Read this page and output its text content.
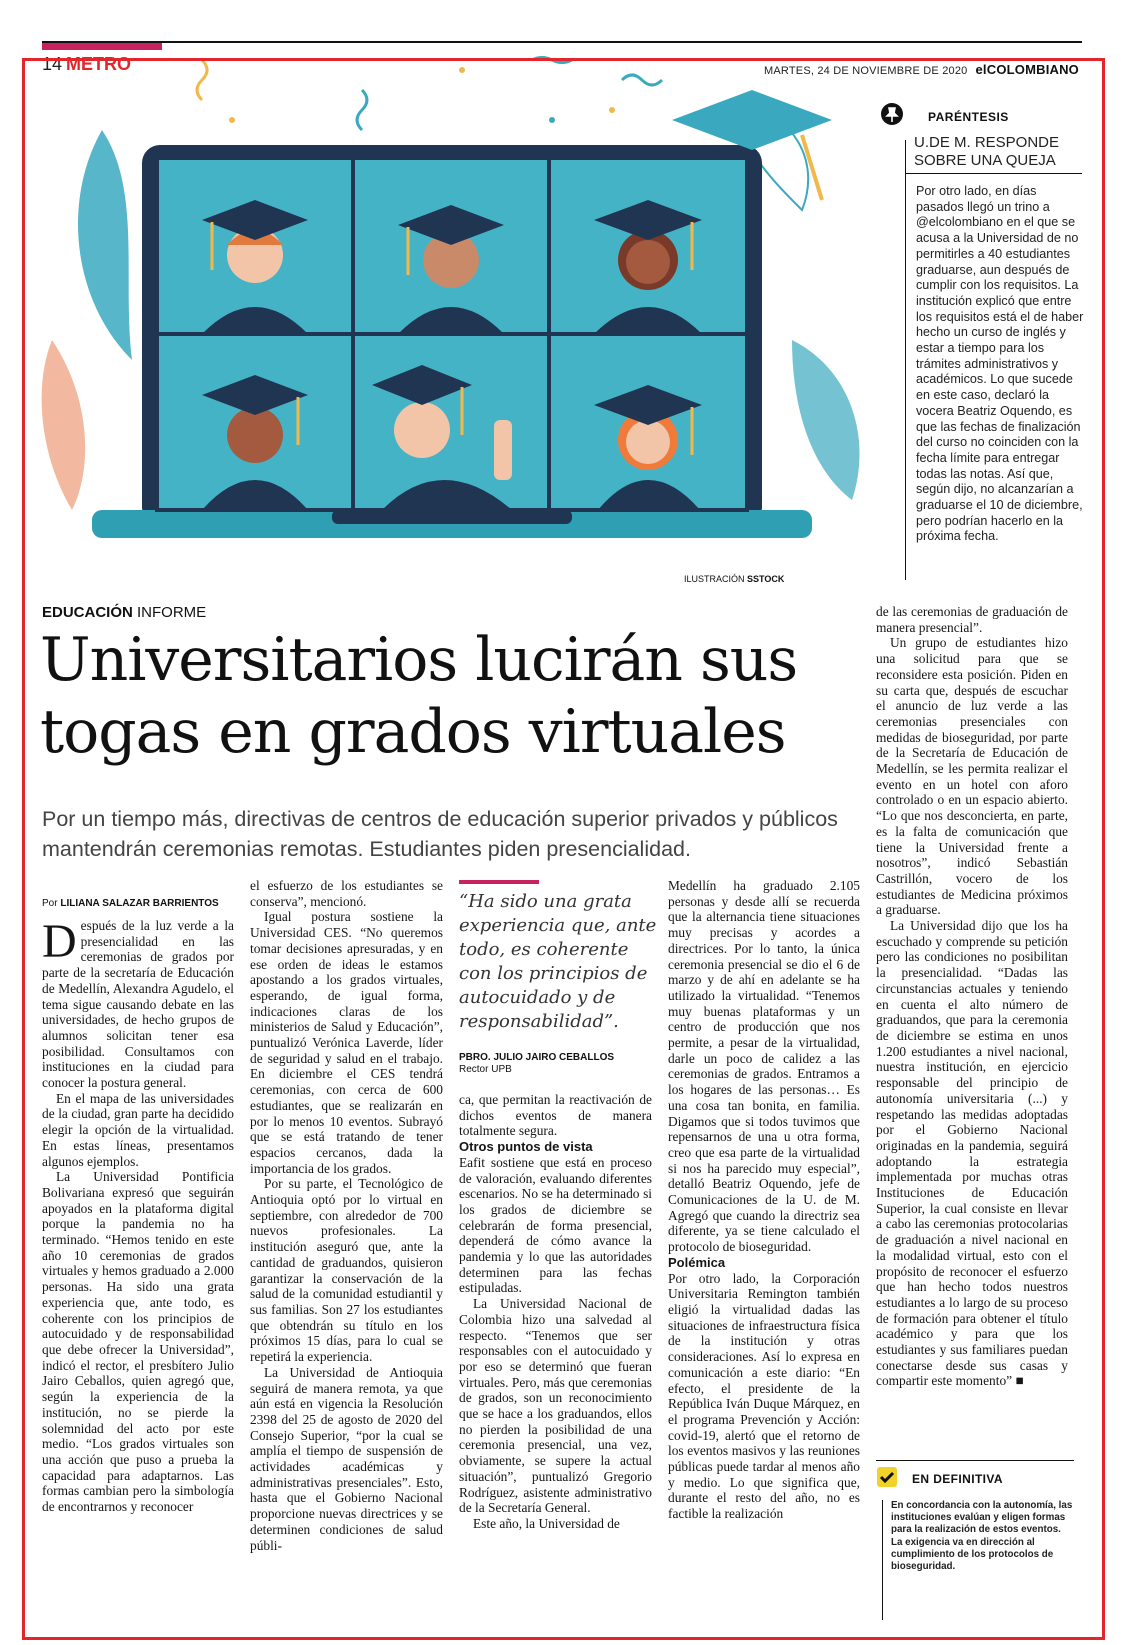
14 METRO	MARTES, 24 DE NOVIEMBRE DE 2020 elCOLOMBIANO
ILUSTRACIÓN SSTOCK
PARÉNTESIS
U.DE M. RESPONDE SOBRE UNA QUEJA
Por otro lado, en días pasados llegó un trino a @elcolombiano en el que se acusa a la Universidad de no permitirles a 40 estudiantes graduarse, aun después de cumplir con los requisitos. La institución explicó que entre los requisitos está el de haber hecho un curso de inglés y estar a tiempo para los trámites administrativos y académicos. Lo que sucede en este caso, declaró la vocera Beatriz Oquendo, es que las fechas de finalización del curso no coinciden con la fecha límite para entregar todas las notas. Así que, según dijo, no alcanzarían a graduarse el 10 de diciembre, pero podrían hacerlo en la próxima fecha.
EDUCACIÓN INFORME
Universitarios lucirán sus togas en grados virtuales
Por un tiempo más, directivas de centros de educación superior privados y públicos mantendrán ceremonias remotas. Estudiantes piden presencialidad.
Por LILIANA SALAZAR BARRIENTOS

Después de la luz verde a la presencialidad en las ceremonias de grados por parte de la secretaría de Educación de Medellín, Alexandra Agudelo, el tema sigue causando debate en las universidades, de hecho grupos de alumnos solicitan tener esa posibilidad. Consultamos con instituciones en la ciudad para conocer la postura general.

En el mapa de las universidades de la ciudad, gran parte ha decidido elegir la opción de la virtualidad. En estas líneas, presentamos algunos ejemplos.

La Universidad Pontificia Bolivariana expresó que seguirán apoyados en la plataforma digital porque la pandemia no ha terminado. “Hemos tenido en este año 10 ceremonias de grados virtuales y hemos graduado a 2.000 personas. Ha sido una grata experiencia que, ante todo, es coherente con los principios de autocuidado y de responsabilidad que debe ofrecer la Universidad”, indicó el rector, el presbítero Julio Jairo Ceballos, quien agregó que, según la experiencia de la institución, no se pierde la solemnidad del acto por este medio. “Los grados virtuales son una acción que puso a prueba la capacidad para adaptarnos. Las formas cambian pero la simbología de encontrarnos y reconocer

el esfuerzo de los estudiantes se conserva”, mencionó.

Igual postura sostiene la Universidad CES. “No queremos tomar decisiones apresuradas, y en ese orden de ideas le estamos apostando a los grados virtuales, esperando, de igual forma, indicaciones claras de los ministerios de Salud y Educación”, puntualizó Verónica Laverde, líder de seguridad y salud en el trabajo. En diciembre el CES tendrá ceremonias, con cerca de 600 estudiantes, que se realizarán en por lo menos 10 eventos. Subrayó que se está tratando de tener espacios cercanos, dada la importancia de los grados.

Por su parte, el Tecnológico de Antioquia optó por lo virtual en septiembre, con alrededor de 700 nuevos profesionales. La institución aseguró que, ante la cantidad de graduandos, quisieron garantizar la conservación de la salud de la comunidad estudiantil y sus familias. Son 27 los estudiantes que obtendrán su título en los próximos 15 días, para lo cual se repetirá la experiencia.

La Universidad de Antioquia seguirá de manera remota, ya que aún está en vigencia la Resolución 2398 del 25 de agosto de 2020 del Consejo Superior, “por la cual se amplía el tiempo de suspensión de actividades académicas y administrativas presenciales”. Esto, hasta que el Gobierno Nacional proporcione nuevas directrices y se determinen condiciones de salud públi-

“Ha sido una grata experiencia que, ante todo, es coherente con los principios de autocuidado y de responsabilidad”.
PBRO. JULIO JAIRO CEBALLOS
Rector UPB

ca, que permitan la reactivación de dichos eventos de manera totalmente segura.

Otros puntos de vista

Eafit sostiene que está en proceso de valoración, evaluando diferentes escenarios. No se ha determinado si los grados de diciembre se celebrarán de forma presencial, dependerá de cómo avance la pandemia y lo que las autoridades determinen para las fechas estipuladas.

La Universidad Nacional de Colombia hizo una salvedad al respecto. “Tenemos que ser responsables con el autocuidado y por eso se determinó que fueran virtuales. Pero, más que ceremonias de grados, son un reconocimiento que se hace a los graduandos, ellos no pierden la posibilidad de una ceremonia presencial, una vez, obviamente, se supere la actual situación”, puntualizó Gregorio Rodríguez, asistente administrativo de la Secretaría General.

Este año, la Universidad de

Medellín ha graduado 2.105 personas y desde allí se recuerda que la alternancia tiene situaciones muy precisas y acordes a directrices. Por lo tanto, la única ceremonia presencial se dio el 6 de marzo y de ahí en adelante se ha utilizado la virtualidad. “Tenemos muy buenas plataformas y un centro de producción que nos permite, a pesar de la virtualidad, darle un poco de calidez a las ceremonias de grados. Entramos a los hogares de las personas… Es una cosa tan bonita, en familia. Digamos que si todos tuvimos que repensarnos de una u otra forma, creo que esa parte de la virtualidad si nos ha parecido muy especial”, detalló Beatriz Oquendo, jefe de Comunicaciones de la U. de M. Agregó que cuando la directriz sea diferente, ya se tiene calculado el protocolo de bioseguridad.

Polémica

Por otro lado, la Corporación Universitaria Remington también eligió la virtualidad dadas las situaciones de infraestructura física de la institución y otras consideraciones. Así lo expresa en comunicación a este diario: “En efecto, el presidente de la República Iván Duque Márquez, en el programa Prevención y Acción: covid-19, alertó que el retorno de los eventos masivos y las reuniones públicas puede tardar al menos año y medio. Lo que significa que, durante el resto del año, no es factible la realización

de las ceremonias de graduación de manera presencial”.

Un grupo de estudiantes hizo una solicitud para que se reconsidere esta posición. Piden en su carta que, después de escuchar el anuncio de luz verde a las ceremonias presenciales con medidas de bioseguridad, por parte de la Secretaría de Educación de Medellín, se les permita realizar el evento en un hotel con aforo controlado o en un espacio abierto. “Lo que nos desconcierta, en parte, es la falta de comunicación que tiene la Universidad frente a nosotros”, indicó Sebastián Castrillón, vocero de los estudiantes de Medicina próximos a graduarse.

La Universidad dijo que los ha escuchado y comprende su petición pero las condiciones no posibilitan la presencialidad. “Dadas las circunstancias actuales y teniendo en cuenta el alto número de graduandos, que para la ceremonia de diciembre se estima en unos 1.200 estudiantes a nivel nacional, nuestra institución, en ejercicio responsable del principio de autonomía universitaria (...) y respetando las medidas adoptadas por el Gobierno Nacional originadas en la pandemia, seguirá adoptando la estrategia implementada por muchas otras Instituciones de Educación Superior, la cual consiste en llevar a cabo las ceremonias protocolarias de graduación a nivel nacional en la modalidad virtual, esto con el propósito de reconocer el esfuerzo que han hecho todos nuestros estudiantes a lo largo de su proceso de formación para obtener el título académico y para que los estudiantes y sus familiares puedan conectarse desde sus casas y compartir este momento” ■

EN DEFINITIVA
En concordancia con la autonomía, las instituciones evalúan y eligen formas para la realización de estos eventos. La exigencia va en dirección al cumplimiento de los protocolos de bioseguridad.
